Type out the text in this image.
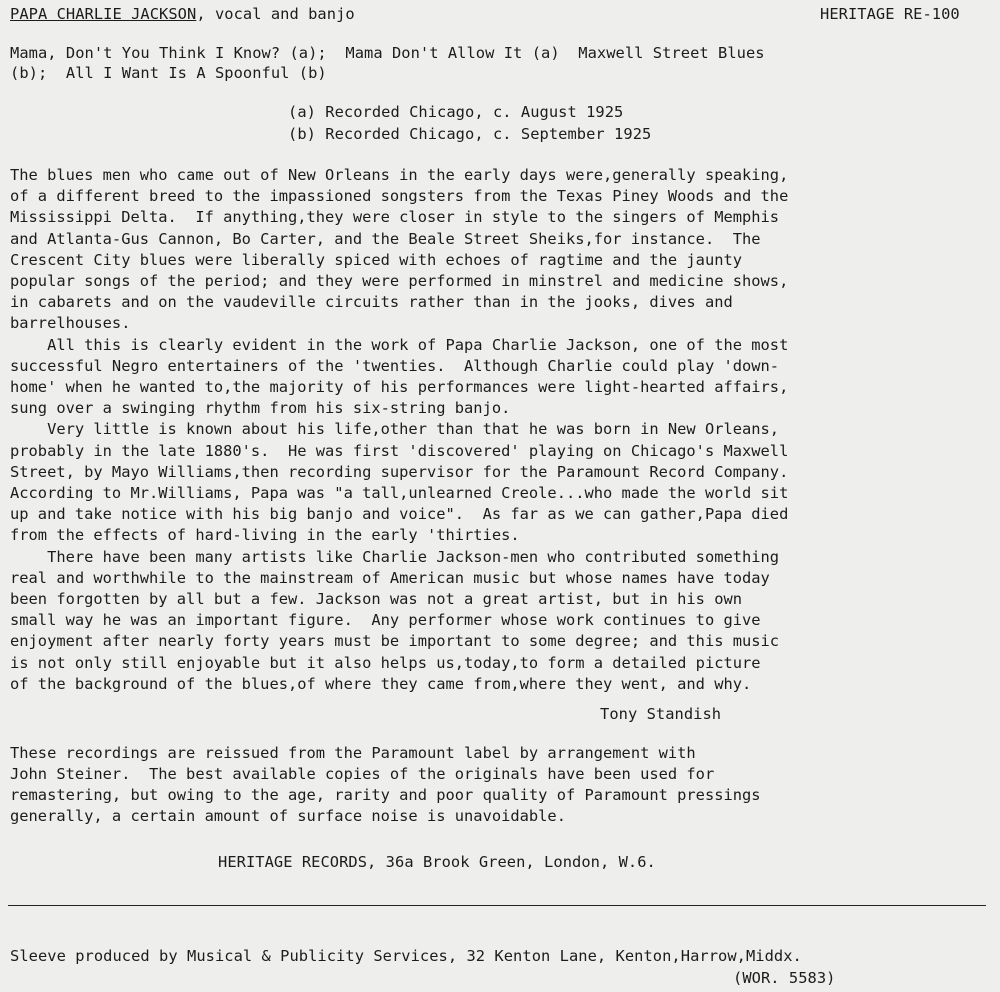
PAPA CHARLIE JACKSON, vocal and banjo	HERITAGE RE-100
Mama, Don't You Think I Know? (a);  Mama Don't Allow It (a)  Maxwell Street Blues
(b);  All I Want Is A Spoonful (b)
(a) Recorded Chicago, c. August 1925
(b) Recorded Chicago, c. September 1925
The blues men who came out of New Orleans in the early days were,generally speaking,
of a different breed to the impassioned songsters from the Texas Piney Woods and the
Mississippi Delta.  If anything,they were closer in style to the singers of Memphis
and Atlanta-Gus Cannon, Bo Carter, and the Beale Street Sheiks,for instance.  The
Crescent City blues were liberally spiced with echoes of ragtime and the jaunty
popular songs of the period; and they were performed in minstrel and medicine shows,
in cabarets and on the vaudeville circuits rather than in the jooks, dives and
barrelhouses.
All this is clearly evident in the work of Papa Charlie Jackson, one of the most
successful Negro entertainers of the 'twenties.  Although Charlie could play 'down-
home' when he wanted to,the majority of his performances were light-hearted affairs,
sung over a swinging rhythm from his six-string banjo.
Very little is known about his life,other than that he was born in New Orleans,
probably in the late 1880's.  He was first 'discovered' playing on Chicago's Maxwell
Street, by Mayo Williams,then recording supervisor for the Paramount Record Company.
According to Mr.Williams, Papa was "a tall,unlearned Creole...who made the world sit
up and take notice with his big banjo and voice".  As far as we can gather,Papa died
from the effects of hard-living in the early 'thirties.
There have been many artists like Charlie Jackson-men who contributed something
real and worthwhile to the mainstream of American music but whose names have today
been forgotten by all but a few. Jackson was not a great artist, but in his own
small way he was an important figure.  Any performer whose work continues to give
enjoyment after nearly forty years must be important to some degree; and this music
is not only still enjoyable but it also helps us,today,to form a detailed picture
of the background of the blues,of where they came from,where they went, and why.
Tony Standish
These recordings are reissued from the Paramount label by arrangement with
John Steiner.  The best available copies of the originals have been used for
remastering, but owing to the age, rarity and poor quality of Paramount pressings
generally, a certain amount of surface noise is unavoidable.
HERITAGE RECORDS, 36a Brook Green, London, W.6.
Sleeve produced by Musical & Publicity Services, 32 Kenton Lane, Kenton,Harrow,Middx.
(WOR. 5583)
